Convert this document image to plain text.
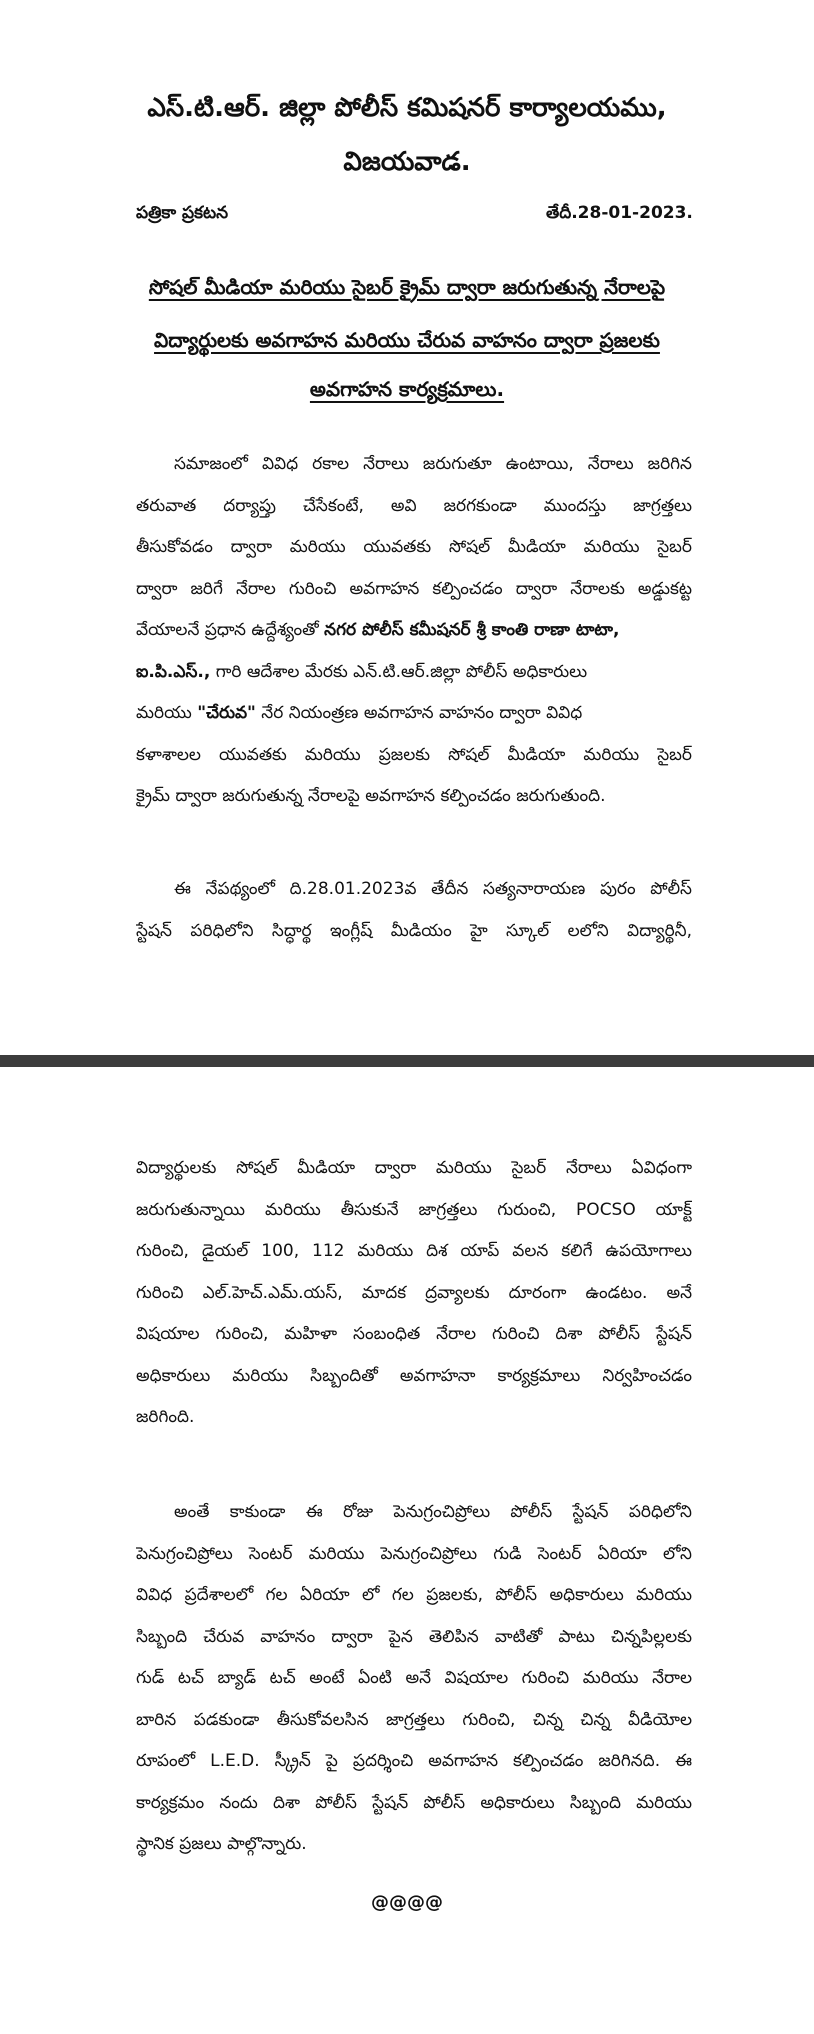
ఎస్.టి.ఆర్. జిల్లా పోలీస్ కమిషనర్ కార్యాలయము,
విజయవాడ.
పత్రికా ప్రకటన	తేదీ.28-01-2023.
సోషల్ మీడియా మరియు సైబర్ క్రైమ్ ద్వారా జరుగుతున్న నేరాలపై
విద్యార్థులకు అవగాహన మరియు చేరువ వాహనం ద్వారా ప్రజలకు
అవగాహన కార్యక్రమాలు.
సమాజంలో వివిధ రకాల నేరాలు జరుగుతూ ఉంటాయి, నేరాలు జరిగిన
తరువాత దర్యాప్తు చేసేకంటే, అవి జరగకుండా ముందస్తు జాగ్రత్తలు
తీసుకోవడం ద్వారా మరియు యువతకు సోషల్ మీడియా మరియు సైబర్
ద్వారా జరిగే నేరాల గురించి అవగాహన కల్పించడం ద్వారా నేరాలకు అడ్డుకట్ట
వేయాలనే ప్రధాన ఉద్దేశ్యంతో నగర పోలీస్ కమీషనర్ శ్రీ కాంతి రాణా టాటా,
ఐ.పి.ఎస్., గారి ఆదేశాల మేరకు ఎన్.టి.ఆర్.జిల్లా పోలీస్ అధికారులు
మరియు "చేరువ" నేర నియంత్రణ అవగాహన వాహనం ద్వారా వివిధ
కళాశాలల యువతకు మరియు ప్రజలకు సోషల్ మీడియా మరియు సైబర్
క్రైమ్ ద్వారా జరుగుతున్న నేరాలపై అవగాహన కల్పించడం జరుగుతుంది.
ఈ నేపథ్యంలో ది.28.01.2023వ తేదీన సత్యనారాయణ పురం పోలీస్
స్టేషన్ పరిధిలోని సిద్ధార్థ ఇంగ్లీష్ మీడియం హై స్కూల్ లలోని విద్యార్థినీ,
విద్యార్థులకు సోషల్ మీడియా ద్వారా మరియు సైబర్ నేరాలు ఏవిధంగా
జరుగుతున్నాయి మరియు తీసుకునే జాగ్రత్తలు గురుంచి, POCSO యాక్ట్
గురించి, డైయల్ 100, 112 మరియు దిశ యాప్ వలన కలిగే ఉపయోగాలు
గురించి ఎల్.హెచ్.ఎమ్.యస్, మాదక ద్రవ్యాలకు దూరంగా ఉండటం. అనే
విషయాల గురించి, మహిళా సంబంధిత నేరాల గురించి దిశా పోలీస్ స్టేషన్
అధికారులు మరియు సిబ్బందితో అవగాహనా కార్యక్రమాలు నిర్వహించడం
జరిగింది.
అంతే కాకుండా ఈ రోజు పెనుగ్రంచిప్రోలు పోలీస్ స్టేషన్ పరిధిలోని
పెనుగ్రంచిప్రోలు సెంటర్ మరియు పెనుగ్రంచిప్రోలు గుడి సెంటర్ ఏరియా లోని
వివిధ ప్రదేశాలలో గల ఏరియా లో గల ప్రజలకు, పోలీస్ అధికారులు మరియు
సిబ్బంది చేరువ వాహనం ద్వారా పైన తెలిపిన వాటితో పాటు చిన్నపిల్లలకు
గుడ్ టచ్ బ్యాడ్ టచ్ అంటే ఏంటి అనే విషయాల గురించి మరియు నేరాల
బారిన పడకుండా తీసుకోవలసిన జాగ్రత్తలు గురించి, చిన్న చిన్న వీడియోల
రూపంలో L.E.D. స్క్రీన్ పై ప్రదర్శించి అవగాహన కల్పించడం జరిగినది. ఈ
కార్యక్రమం నందు దిశా పోలీస్ స్టేషన్ పోలీస్ అధికారులు సిబ్బంది మరియు
స్థానిక ప్రజలు పాల్గొన్నారు.
@@@@
